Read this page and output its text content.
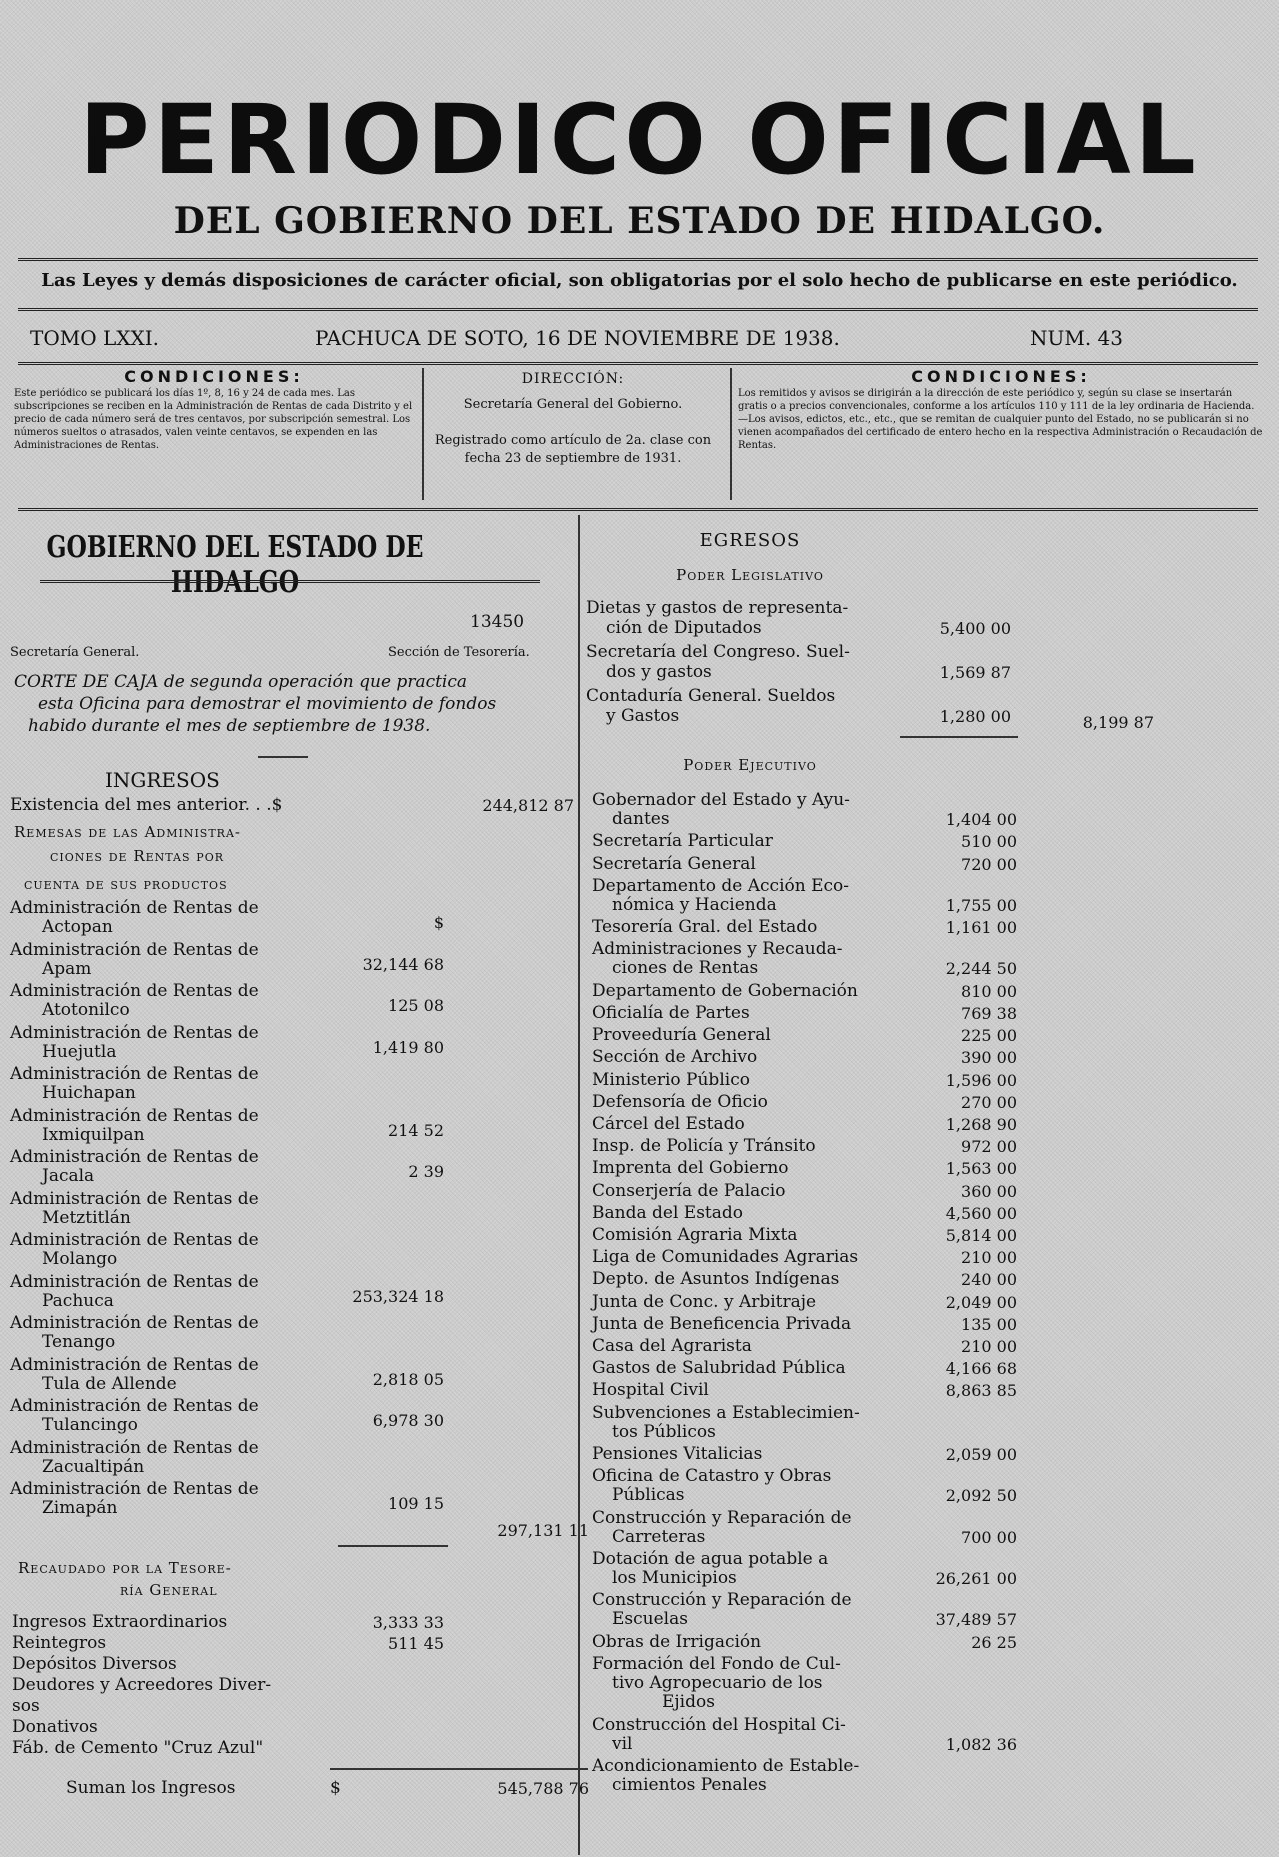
PERIODICO OFICIAL
DEL GOBIERNO DEL ESTADO DE HIDALGO.
Las Leyes y demás disposiciones de carácter oficial, son obligatorias por el solo hecho de publicarse en este periódico.
TOMO LXXI.	PACHUCA DE SOTO, 16 DE NOVIEMBRE DE 1938.	NUM. 43
CONDICIONES:
Este periódico se publicará los días 1º, 8, 16 y 24 de cada mes. Las subscripciones se reciben en la Administración de Rentas de cada Distrito y el precio de cada número será de tres centavos, por subscripción semestral. Los números sueltos o atrasados, valen veinte centavos, se expenden en las Administraciones de Rentas.
DIRECCIÓN:
Secretaría General del Gobierno.
Registrado como artículo de 2a. clase con fecha 23 de septiembre de 1931.
CONDICIONES:
Los remitidos y avisos se dirigirán a la dirección de este periódico y, según su clase se insertarán gratis o a precios convencionales, conforme a los artículos 110 y 111 de la ley ordinaria de Hacienda.—Los avisos, edictos, etc., etc., que se remitan de cualquier punto del Estado, no se publicarán si no vienen acompañados del certificado de entero hecho en la respectiva Administración o Recaudación de Rentas.
GOBIERNO DEL ESTADO DE HIDALGO
13450
Secretaría General.	Sección de Tesorería.
CORTE DE CAJA de segunda operación que practica
esta Oficina para demostrar el movimiento de fondos
habido durante el mes de septiembre de 1938.
INGRESOS
Existencia del mes anterior. . .$	244,812 87
Remesas de las Administra-
ciones de Rentas por
cuenta de sus productos
Administración de Rentas de
Actopan	$
Administración de Rentas de
Apam	32,144 68
Administración de Rentas de
Atotonilco	125 08
Administración de Rentas de
Huejutla	1,419 80
Administración de Rentas de
Huichapan
Administración de Rentas de
Ixmiquilpan	214 52
Administración de Rentas de
Jacala	2 39
Administración de Rentas de
Metztitlán
Administración de Rentas de
Molango
Administración de Rentas de
Pachuca	253,324 18
Administración de Rentas de
Tenango
Administración de Rentas de
Tula de Allende	2,818 05
Administración de Rentas de
Tulancingo	6,978 30
Administración de Rentas de
Zacualtipán
Administración de Rentas de
Zimapán	109 15
297,131 11
Recaudado por la Tesore-
ría General
Ingresos Extraordinarios	3,333 33
Reintegros	511 45
Depósitos Diversos
Deudores y Acreedores Diver-
sos
Donativos
Fáb. de Cemento "Cruz Azul"
Suman los Ingresos	$	545,788 76
EGRESOS
Poder Legislativo
Dietas y gastos de representa-
ción de Diputados	5,400 00
Secretaría del Congreso. Suel-
dos y gastos	1,569 87
Contaduría General. Sueldos
y Gastos	1,280 00	8,199 87
Poder Ejecutivo
Gobernador del Estado y Ayu-
dantes	1,404 00
Secretaría Particular	510 00
Secretaría General	720 00
Departamento de Acción Eco-
nómica y Hacienda	1,755 00
Tesorería Gral. del Estado	1,161 00
Administraciones y Recauda-
ciones de Rentas	2,244 50
Departamento de Gobernación	810 00
Oficialía de Partes	769 38
Proveeduría General	225 00
Sección de Archivo	390 00
Ministerio Público	1,596 00
Defensoría de Oficio	270 00
Cárcel del Estado	1,268 90
Insp. de Policía y Tránsito	972 00
Imprenta del Gobierno	1,563 00
Conserjería de Palacio	360 00
Banda del Estado	4,560 00
Comisión Agraria Mixta	5,814 00
Liga de Comunidades Agrarias	210 00
Depto. de Asuntos Indígenas	240 00
Junta de Conc. y Arbitraje	2,049 00
Junta de Beneficencia Privada	135 00
Casa del Agrarista	210 00
Gastos de Salubridad Pública	4,166 68
Hospital Civil	8,863 85
Subvenciones a Establecimien-
tos Públicos
Pensiones Vitalicias	2,059 00
Oficina de Catastro y Obras
Públicas	2,092 50
Construcción y Reparación de
Carreteras	700 00
Dotación de agua potable a
los Municipios	26,261 00
Construcción y Reparación de
Escuelas	37,489 57
Obras de Irrigación	26 25
Formación del Fondo de Cul-
tivo Agropecuario de los
Ejidos
Construcción del Hospital Ci-
vil	1,082 36
Acondicionamiento de Estable-
cimientos Penales
